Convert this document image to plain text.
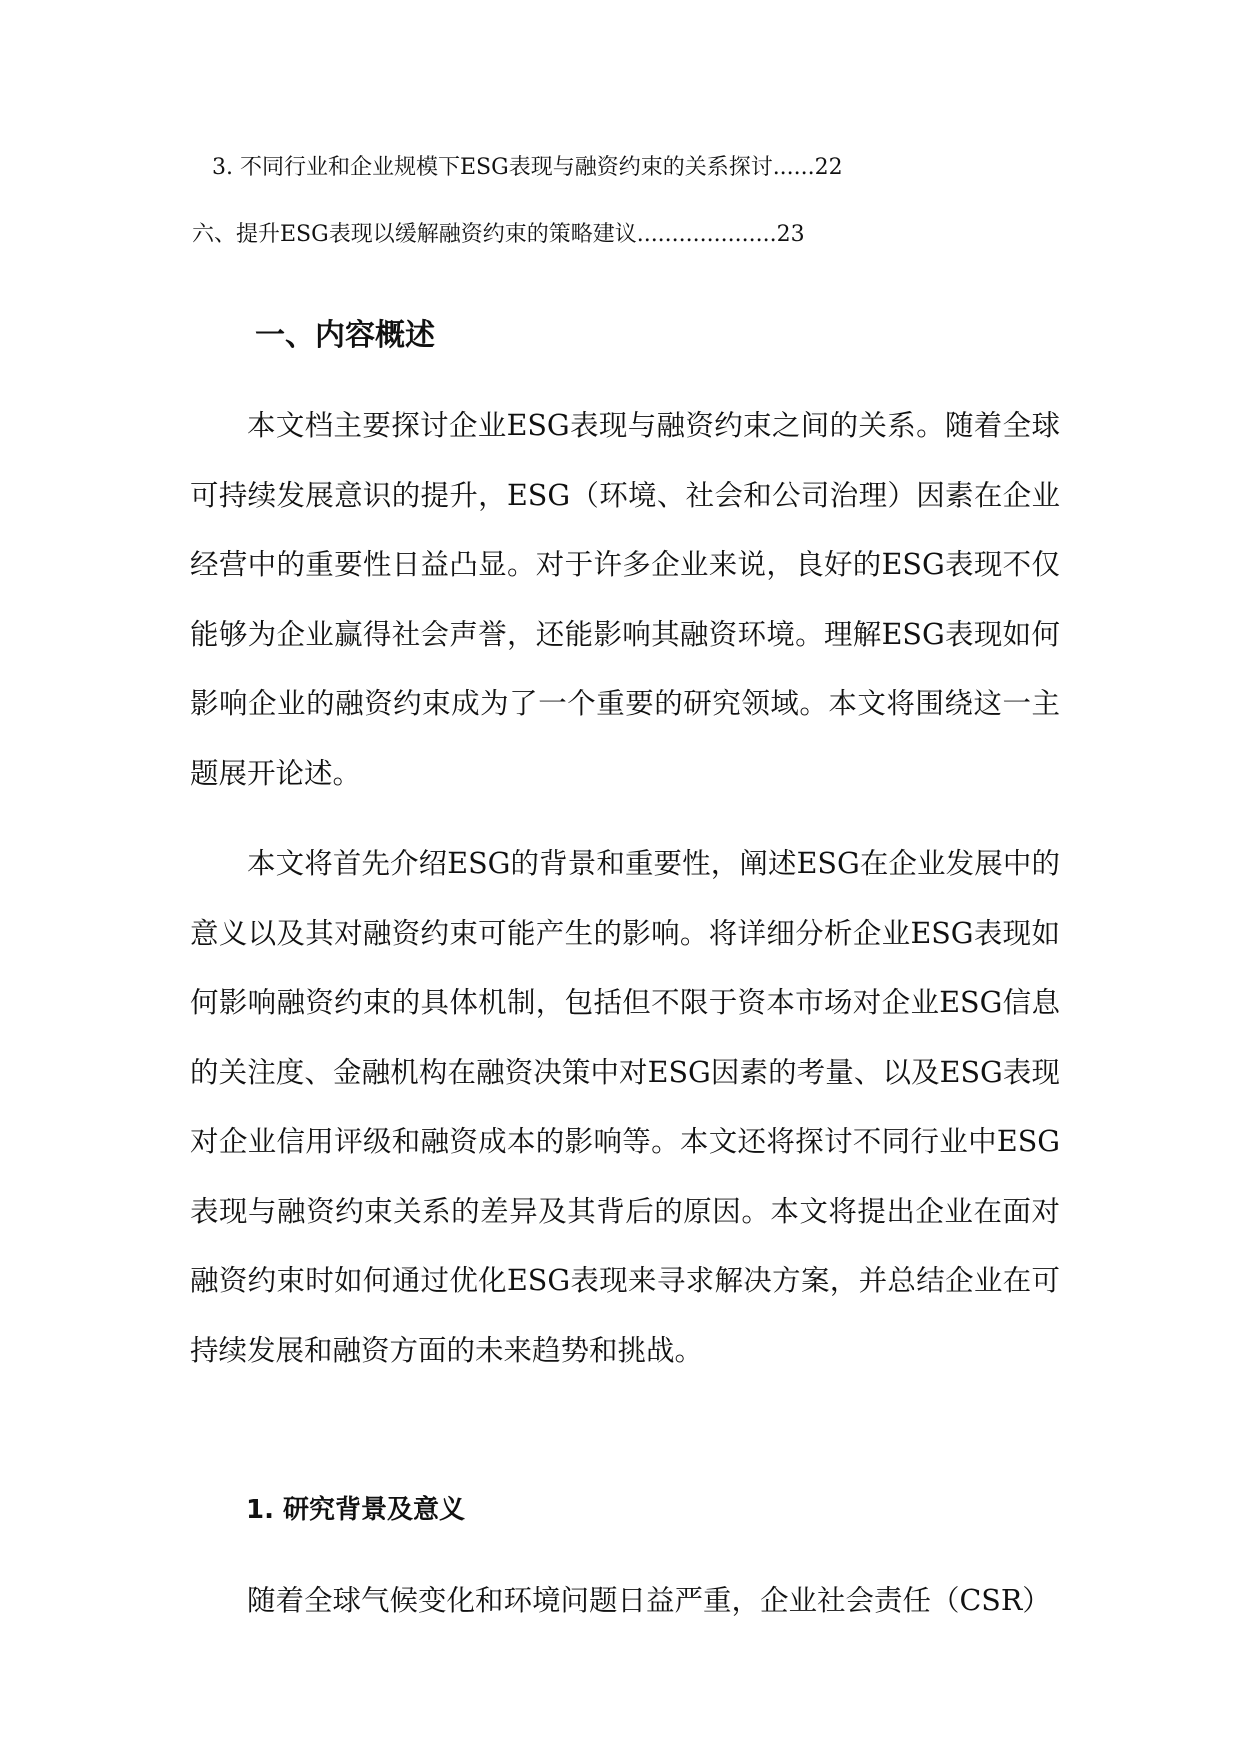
3. 不同行业和企业规模下ESG表现与融资约束的关系探讨......22
六、提升ESG表现以缓解融资约束的策略建议....................23
一、内容概述

本文档主要探讨企业ESG表现与融资约束之间的关系。随着全球可持续发展意识的提升，ESG（环境、社会和公司治理）因素在企业经营中的重要性日益凸显。对于许多企业来说，良好的ESG表现不仅能够为企业赢得社会声誉，还能影响其融资环境。理解ESG表现如何影响企业的融资约束成为了一个重要的研究领域。本文将围绕这一主题展开论述。

本文将首先介绍ESG的背景和重要性，阐述ESG在企业发展中的意义以及其对融资约束可能产生的影响。将详细分析企业ESG表现如何影响融资约束的具体机制，包括但不限于资本市场对企业ESG信息的关注度、金融机构在融资决策中对ESG因素的考量、以及ESG表现对企业信用评级和融资成本的影响等。本文还将探讨不同行业中ESG表现与融资约束关系的差异及其背后的原因。本文将提出企业在面对融资约束时如何通过优化ESG表现来寻求解决方案，并总结企业在可持续发展和融资方面的未来趋势和挑战。

1. 研究背景及意义

随着全球气候变化和环境问题日益严重，企业社会责任（CSR）
